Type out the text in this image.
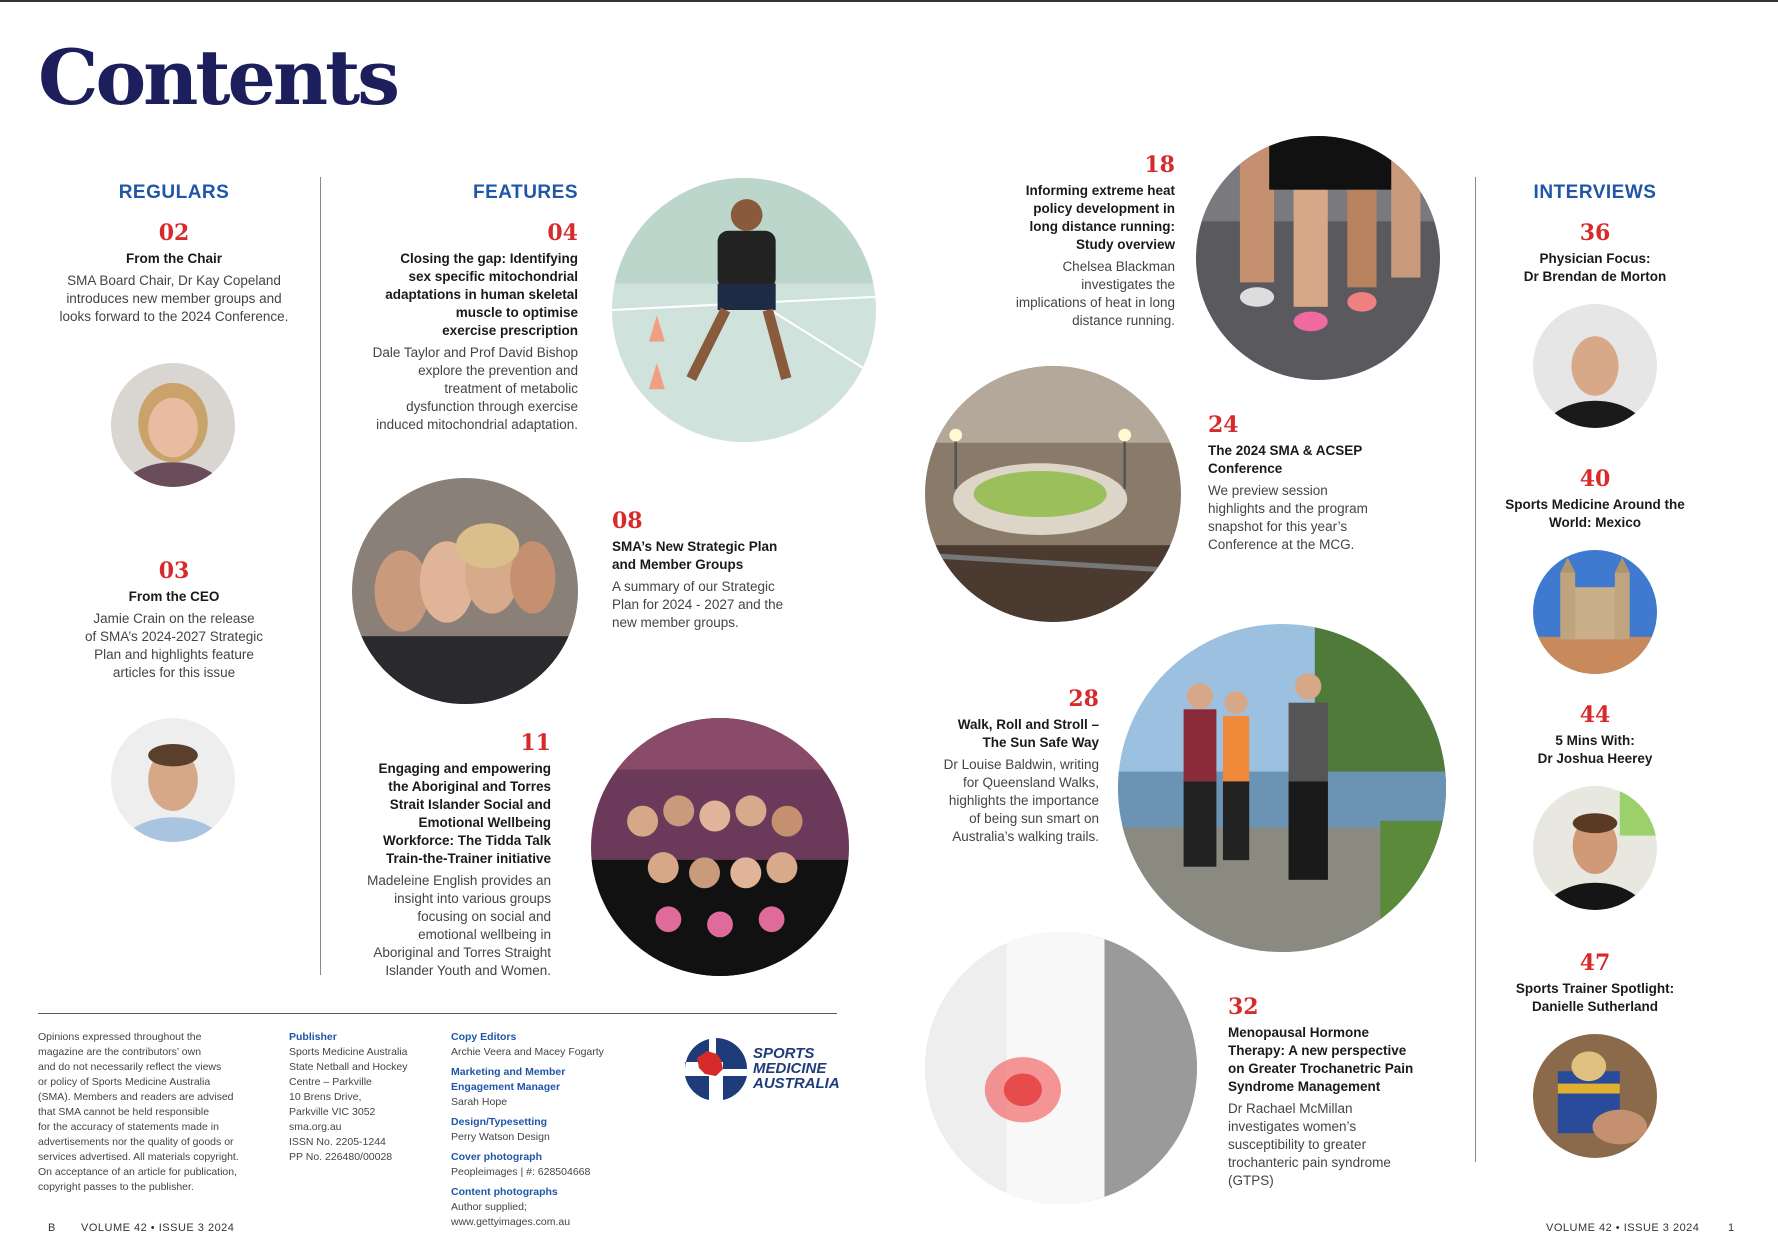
Contents
REGULARS
02
From the Chair
SMA Board Chair, Dr Kay Copeland
introduces new member groups and
looks forward to the 2024 Conference.
03
From the CEO
Jamie Crain on the release
of SMA’s 2024-2027 Strategic
Plan and highlights feature
articles for this issue
FEATURES
04
Closing the gap: Identifying
sex specific mitochondrial
adaptations in human skeletal
muscle to optimise
exercise prescription
Dale Taylor and Prof David Bishop
explore the prevention and
treatment of metabolic
dysfunction through exercise
induced mitochondrial adaptation.
08
SMA’s New Strategic Plan
and Member Groups
A summary of our Strategic
Plan for 2024 - 2027 and the
new member groups.
11
Engaging and empowering
the Aboriginal and Torres
Strait Islander Social and
Emotional Wellbeing
Workforce: The Tidda Talk
Train-the-Trainer initiative
Madeleine English provides an
insight into various groups
focusing on social and
emotional wellbeing in
Aboriginal and Torres Straight
Islander Youth and Women.
18
Informing extreme heat
policy development in
long distance running:
Study overview
Chelsea Blackman
investigates the
implications of heat in long
distance running.
24
The 2024 SMA & ACSEP
Conference
We preview session
highlights and the program
snapshot for this year’s
Conference at the MCG.
28
Walk, Roll and Stroll –
The Sun Safe Way
Dr Louise Baldwin, writing
for Queensland Walks,
highlights the importance
of being sun smart on
Australia’s walking trails.
32
Menopausal Hormone
Therapy: A new perspective
on Greater Trochanetric Pain
Syndrome Management
Dr Rachael McMillan
investigates women’s
susceptibility to greater
trochanteric pain syndrome
(GTPS)
INTERVIEWS
36
Physician Focus:
Dr Brendan de Morton
40
Sports Medicine Around the
World: Mexico
44
5 Mins With:
Dr Joshua Heerey
47
Sports Trainer Spotlight:
Danielle Sutherland
Opinions expressed throughout the
magazine are the contributors’ own
and do not necessarily reflect the views
or policy of Sports Medicine Australia
(SMA). Members and readers are advised
that SMA cannot be held responsible
for the accuracy of statements made in
advertisements nor the quality of goods or
services advertised. All materials copyright.
On acceptance of an article for publication,
copyright passes to the publisher.
Publisher
Sports Medicine Australia
State Netball and Hockey
Centre – Parkville
10 Brens Drive,
Parkville VIC 3052
sma.org.au
ISSN No. 2205-1244
PP No. 226480/00028
Copy Editors
Archie Veera and Macey Fogarty
Marketing and Member
Engagement Manager
Sarah Hope
Design/Typesetting
Perry Watson Design
Cover photograph
Peopleimages | #: 628504668
Content photographs
Author supplied;
www.gettyimages.com.au
SPORTS
MEDICINE
AUSTRALIA
B VOLUME 42 • ISSUE 3 2024	VOLUME 42 • ISSUE 3 2024	1
